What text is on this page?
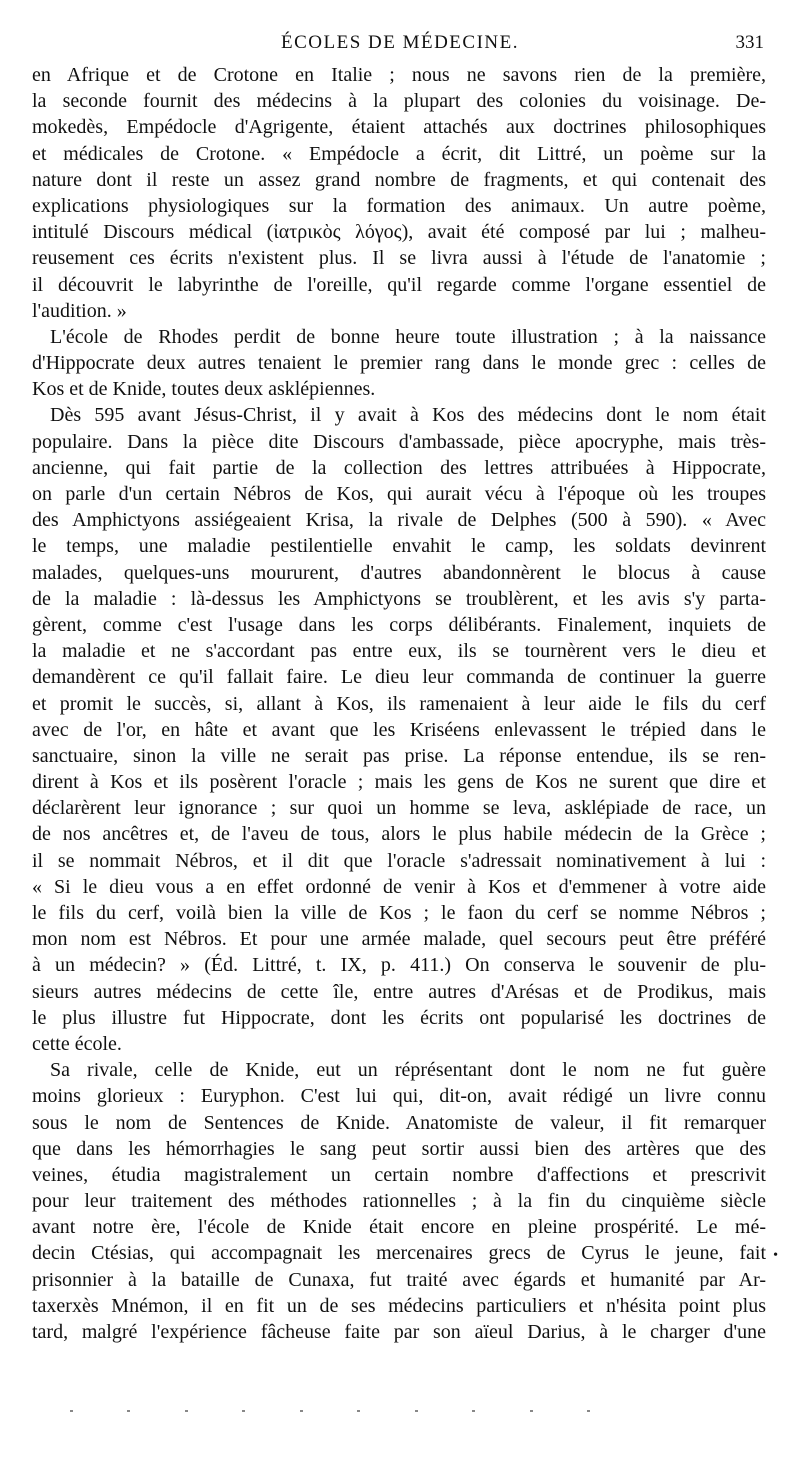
ÉCOLES DE MÉDECINE.	331
en Afrique et de Crotone en Italie ; nous ne savons rien de la première,
la seconde fournit des médecins à la plupart des colonies du voisinage. De-
mokedès, Empédocle d'Agrigente, étaient attachés aux doctrines philosophiques
et médicales de Crotone. « Empédocle a écrit, dit Littré, un poème sur la
nature dont il reste un assez grand nombre de fragments, et qui contenait des
explications physiologiques sur la formation des animaux. Un autre poème,
intitulé Discours médical (ἰατρικὸς λόγος), avait été composé par lui ; malheu-
reusement ces écrits n'existent plus. Il se livra aussi à l'étude de l'anatomie ;
il découvrit le labyrinthe de l'oreille, qu'il regarde comme l'organe essentiel de
l'audition. »
L'école de Rhodes perdit de bonne heure toute illustration ; à la naissance
d'Hippocrate deux autres tenaient le premier rang dans le monde grec : celles de
Kos et de Knide, toutes deux asklépiennes.
Dès 595 avant Jésus-Christ, il y avait à Kos des médecins dont le nom était
populaire. Dans la pièce dite Discours d'ambassade, pièce apocryphe, mais très-
ancienne, qui fait partie de la collection des lettres attribuées à Hippocrate,
on parle d'un certain Nébros de Kos, qui aurait vécu à l'époque où les troupes
des Amphictyons assiégeaient Krisa, la rivale de Delphes (500 à 590). « Avec
le temps, une maladie pestilentielle envahit le camp, les soldats devinrent
malades, quelques-uns moururent, d'autres abandonnèrent le blocus à cause
de la maladie : là-dessus les Amphictyons se troublèrent, et les avis s'y parta-
gèrent, comme c'est l'usage dans les corps délibérants. Finalement, inquiets de
la maladie et ne s'accordant pas entre eux, ils se tournèrent vers le dieu et
demandèrent ce qu'il fallait faire. Le dieu leur commanda de continuer la guerre
et promit le succès, si, allant à Kos, ils ramenaient à leur aide le fils du cerf
avec de l'or, en hâte et avant que les Kriséens enlevassent le trépied dans le
sanctuaire, sinon la ville ne serait pas prise. La réponse entendue, ils se ren-
dirent à Kos et ils posèrent l'oracle ; mais les gens de Kos ne surent que dire et
déclarèrent leur ignorance ; sur quoi un homme se leva, asklépiade de race, un
de nos ancêtres et, de l'aveu de tous, alors le plus habile médecin de la Grèce ;
il se nommait Nébros, et il dit que l'oracle s'adressait nominativement à lui :
« Si le dieu vous a en effet ordonné de venir à Kos et d'emmener à votre aide
le fils du cerf, voilà bien la ville de Kos ; le faon du cerf se nomme Nébros ;
mon nom est Nébros. Et pour une armée malade, quel secours peut être préféré
à un médecin? » (Éd. Littré, t. IX, p. 411.) On conserva le souvenir de plu-
sieurs autres médecins de cette île, entre autres d'Arésas et de Prodikus, mais
le plus illustre fut Hippocrate, dont les écrits ont popularisé les doctrines de
cette école.
Sa rivale, celle de Knide, eut un réprésentant dont le nom ne fut guère
moins glorieux : Euryphon. C'est lui qui, dit-on, avait rédigé un livre connu
sous le nom de Sentences de Knide. Anatomiste de valeur, il fit remarquer
que dans les hémorrhagies le sang peut sortir aussi bien des artères que des
veines, étudia magistralement un certain nombre d'affections et prescrivit
pour leur traitement des méthodes rationnelles ; à la fin du cinquième siècle
avant notre ère, l'école de Knide était encore en pleine prospérité. Le mé-
decin Ctésias, qui accompagnait les mercenaires grecs de Cyrus le jeune, fait
prisonnier à la bataille de Cunaxa, fut traité avec égards et humanité par Ar-
taxerxès Mnémon, il en fit un de ses médecins particuliers et n'hésita point plus
tard, malgré l'expérience fâcheuse faite par son aïeul Darius, à le charger d'une
•
